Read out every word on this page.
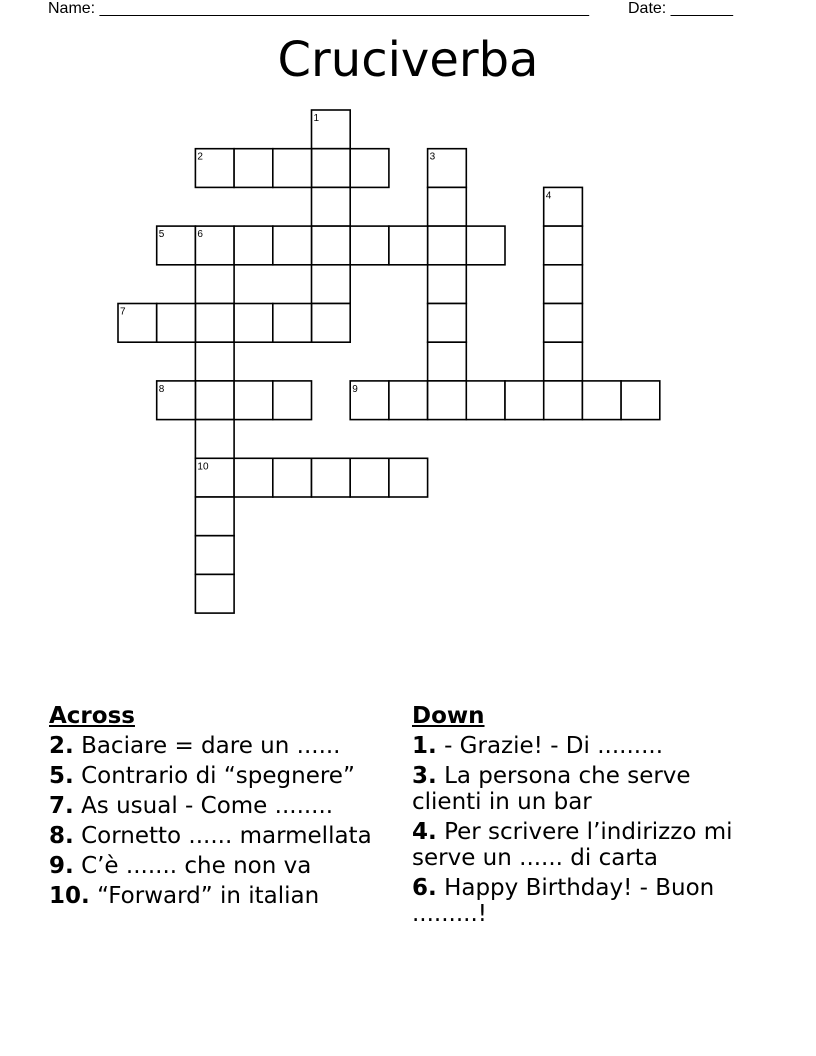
Name: _______________________________________________________ Date: _______
Cruciverba
1
2	3
4
5	6
7
8	9
10
Across
2. Baciare = dare un ......
5. Contrario di “spegnere”
7. As usual - Come ........
8. Cornetto ...... marmellata
9. C’è ....... che non va
10. “Forward” in italian
Down
1. - Grazie! - Di .........
3. La persona che serve clienti in un bar
4. Per scrivere l’indirizzo mi serve un ...... di carta
6. Happy Birthday! - Buon .........!
